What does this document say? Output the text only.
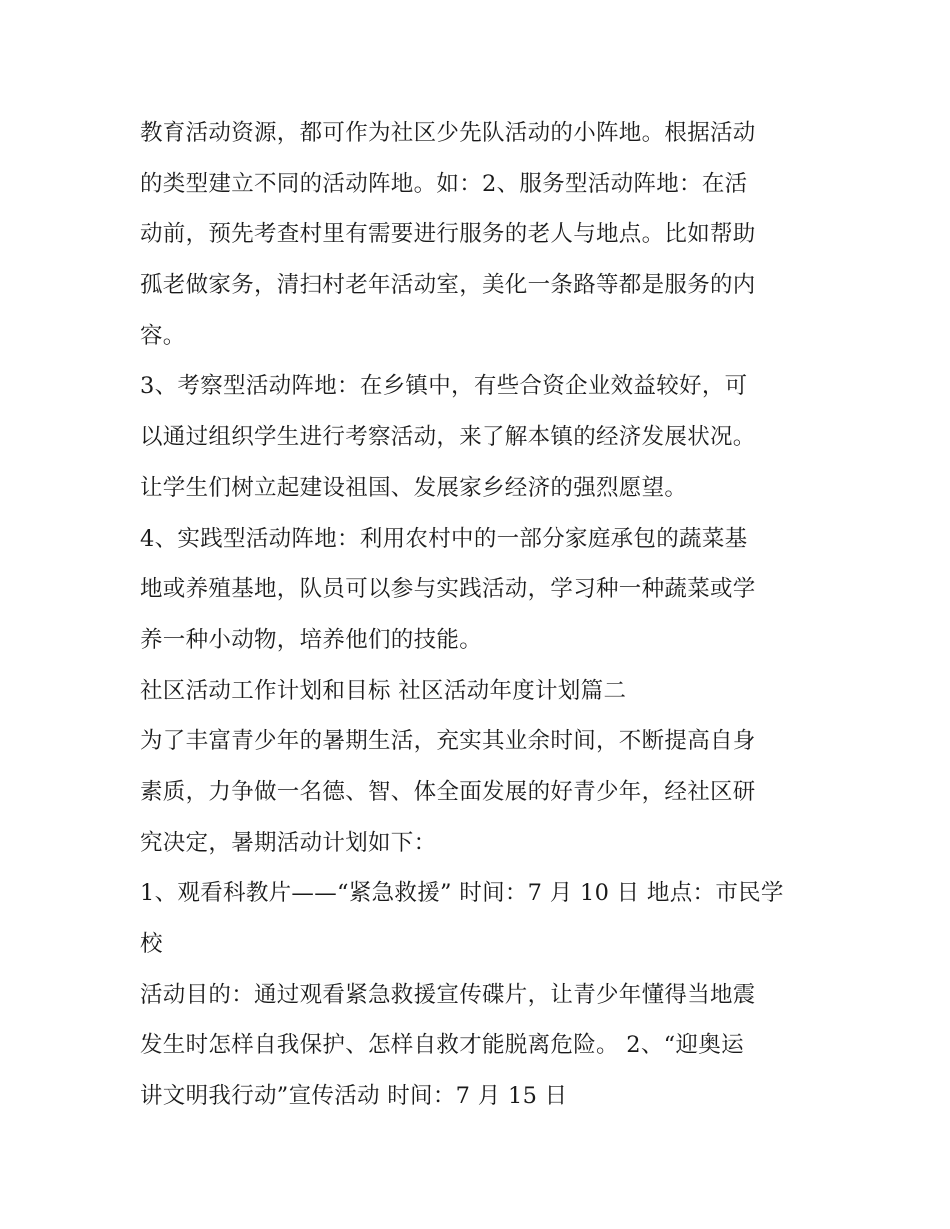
教育活动资源，都可作为社区少先队活动的小阵地。根据活动
的类型建立不同的活动阵地。如：2、服务型活动阵地：在活
动前，预先考查村里有需要进行服务的老人与地点。比如帮助
孤老做家务，清扫村老年活动室，美化一条路等都是服务的内
容。
3、考察型活动阵地：在乡镇中，有些合资企业效益较好，可
以通过组织学生进行考察活动，来了解本镇的经济发展状况。
让学生们树立起建设祖国、发展家乡经济的强烈愿望。
4、实践型活动阵地：利用农村中的一部分家庭承包的蔬菜基
地或养殖基地，队员可以参与实践活动，学习种一种蔬菜或学
养一种小动物，培养他们的技能。
社区活动工作计划和目标 社区活动年度计划篇二
为了丰富青少年的暑期生活，充实其业余时间，不断提高自身
素质，力争做一名德、智、体全面发展的好青少年，经社区研
究决定，暑期活动计划如下：
1、观看科教片——“紧急救援” 时间：7 月 10 日 地点：市民学
校
活动目的：通过观看紧急救援宣传碟片，让青少年懂得当地震
发生时怎样自我保护、怎样自救才能脱离危险。 2、“迎奥运
讲文明我行动”宣传活动 时间：7 月 15 日
